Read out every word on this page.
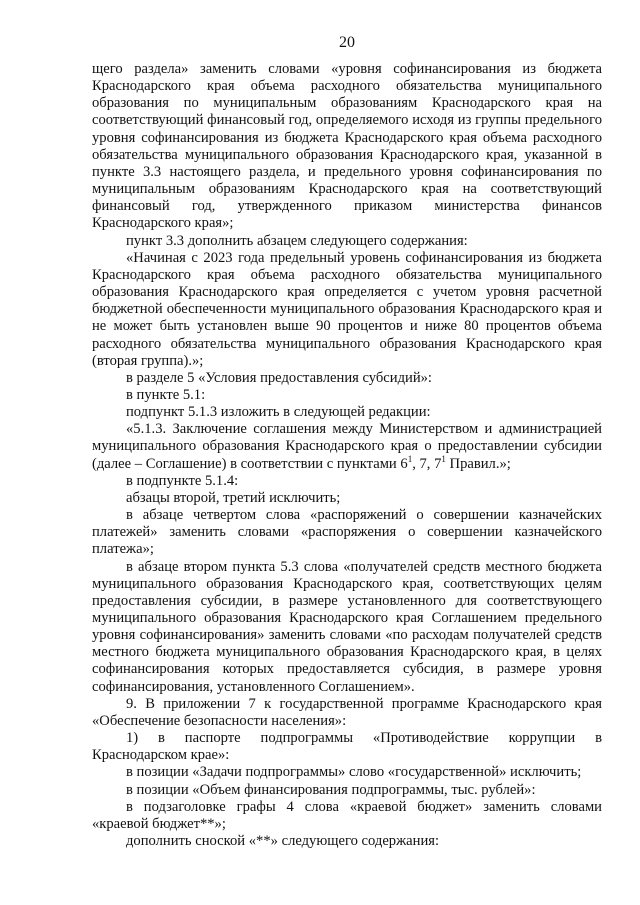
20

щего раздела» заменить словами «уровня софинансирования из бюджета Краснодарского края объема расходного обязательства муниципального образования по муниципальным образованиям Краснодарского края на соответствующий финансовый год, определяемого исходя из группы предельного уровня софинансирования из бюджета Краснодарского края объема расходного обязательства муниципального образования Краснодарского края, указанной в пункте 3.3 настоящего раздела, и предельного уровня софинансирования по муниципальным образованиям Краснодарского края на соответствующий финансовый год, утвержденного приказом министерства финансов Краснодарского края»;

пункт 3.3 дополнить абзацем следующего содержания:

«Начиная с 2023 года предельный уровень софинансирования из бюджета Краснодарского края объема расходного обязательства муниципального образования Краснодарского края определяется с учетом уровня расчетной бюджетной обеспеченности муниципального образования Краснодарского края и не может быть установлен выше 90 процентов и ниже 80 процентов объема расходного обязательства муниципального образования Краснодарского края (вторая группа).»;

в разделе 5 «Условия предоставления субсидий»:

в пункте 5.1:

подпункт 5.1.3 изложить в следующей редакции:

«5.1.3. Заключение соглашения между Министерством и администрацией муниципального образования Краснодарского края о предоставлении субсидии (далее – Соглашение) в соответствии с пунктами $6^1$, 7, $7^1$ Правил.»;

в подпункте 5.1.4:

абзацы второй, третий исключить;

в абзаце четвертом слова «распоряжений о совершении казначейских платежей» заменить словами «распоряжения о совершении казначейского платежа»;

в абзаце втором пункта 5.3 слова «получателей средств местного бюджета муниципального образования Краснодарского края, соответствующих целям предоставления субсидии, в размере установленного для соответствующего муниципального образования Краснодарского края Соглашением предельного уровня софинансирования» заменить словами «по расходам получателей средств местного бюджета муниципального образования Краснодарского края, в целях софинансирования которых предоставляется субсидия, в размере уровня софинансирования, установленного Соглашением».

9. В приложении 7 к государственной программе Краснодарского края «Обеспечение безопасности населения»:

1) в паспорте подпрограммы «Противодействие коррупции в Краснодарском крае»:

в позиции «Задачи подпрограммы» слово «государственной» исключить;

в позиции «Объем финансирования подпрограммы, тыс. рублей»:

в подзаголовке графы 4 слова «краевой бюджет» заменить словами «краевой бюджет**»;

дополнить сноской «**» следующего содержания:
